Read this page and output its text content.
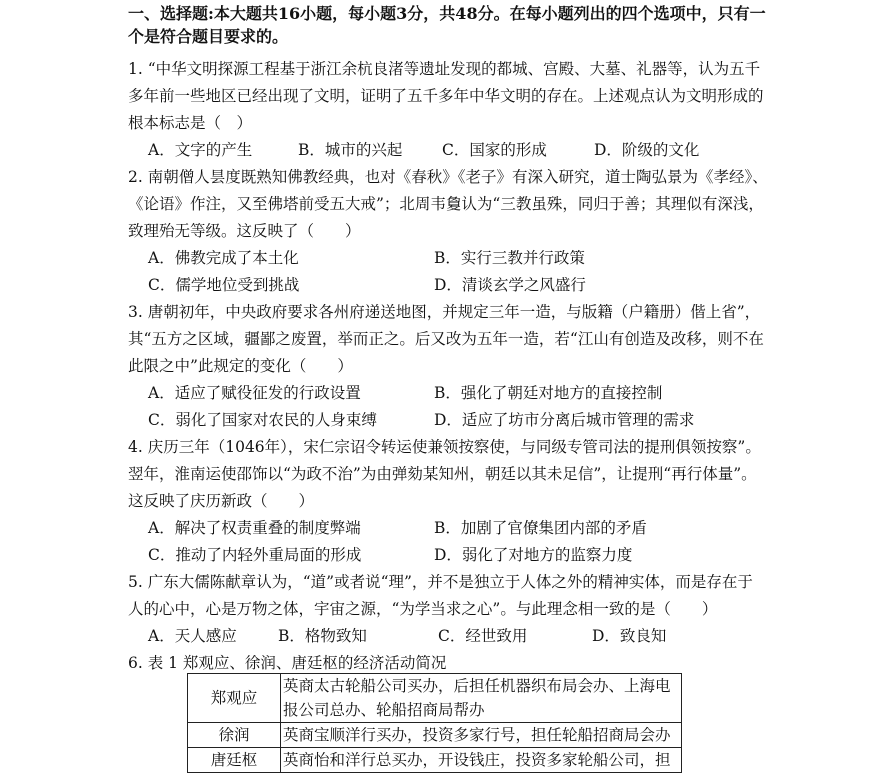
一、选择题:本大题共16小题，每小题3分，共48分。在每小题列出的四个选项中，只有一个是符合题目要求的。

1. “中华文明探源工程基于浙江余杭良渚等遗址发现的都城、宫殿、大墓、礼器等，认为五千多年前一些地区已经出现了文明，证明了五千多年中华文明的存在。上述观点认为文明形成的根本标志是（　）

A．文字的产生	B．城市的兴起	C．国家的形成	D．阶级的文化

2. 南朝僧人昙度既熟知佛教经典，也对《春秋》《老子》有深入研究，道士陶弘景为《孝经》、《论语》作注，又至佛塔前受五大戒”；北周韦敻认为“三教虽殊，同归于善；其理似有深浅，致理殆无等级。这反映了（　　）

A．佛教完成了本土化	B．实行三教并行政策
C．儒学地位受到挑战	D．清谈玄学之风盛行

3. 唐朝初年，中央政府要求各州府递送地图，并规定三年一造，与版籍（户籍册）偕上省”，其“五方之区域，疆鄙之废置，举而正之。后又改为五年一造，若“江山有创造及改移，则不在此限之中”此规定的变化（　　）

A．适应了赋役征发的行政设置	B．强化了朝廷对地方的直接控制
C．弱化了国家对农民的人身束缚	D．适应了坊市分离后城市管理的需求

4. 庆历三年（1046年），宋仁宗诏令转运使兼领按察使，与同级专管司法的提刑俱领按察”。翌年，淮南运使邵饰以“为政不治”为由弹劾某知州，朝廷以其未足信”，让提刑“再行体量”。这反映了庆历新政（　　）

A．解决了权责重叠的制度弊端	B．加剧了官僚集团内部的矛盾
C．推动了内轻外重局面的形成	D．弱化了对地方的监察力度

5. 广东大儒陈献章认为，“道”或者说“理”，并不是独立于人体之外的精神实体，而是存在于人的心中，心是万物之体，宇宙之源，“为学当求之心”。与此理念相一致的是（　　）

A．天人感应	B．格物致知	C．经世致用	D．致良知

6. 表 1 郑观应、徐润、唐廷枢的经济活动简况

郑观应	英商太古轮船公司买办，后担任机器织布局会办、上海电报公司总办、轮船招商局帮办
徐润	英商宝顺洋行买办，投资多家行号，担任轮船招商局会办
唐廷枢	英商怡和洋行总买办，开设钱庄，投资多家轮船公司，担
